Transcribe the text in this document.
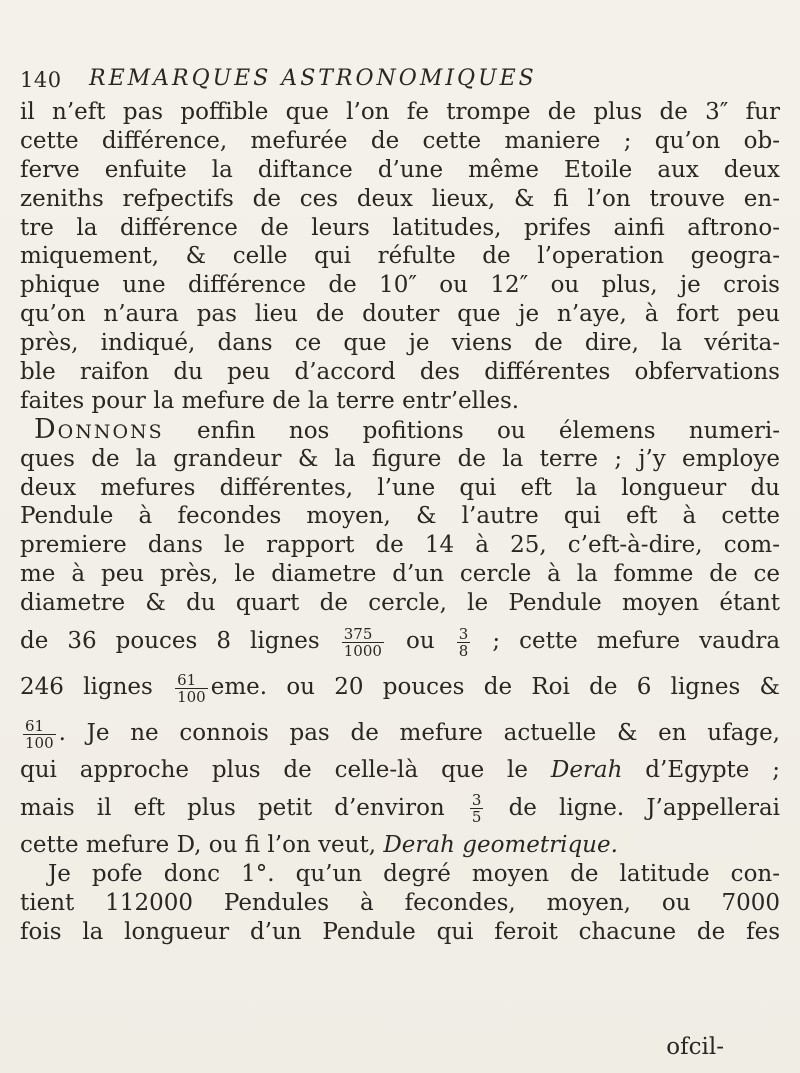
140 REMARQUES ASTRONOMIQUES
il n’eft pas poffible que l’on fe trompe de plus de 3″ fur
cette différence, mefurée de cette maniere ; qu’on ob-
ferve enfuite la diftance d’une même Etoile aux deux
zeniths refpectifs de ces deux lieux, & fi l’on trouve en-
tre la différence de leurs latitudes, prifes ainfi aftrono-
miquement, & celle qui réfulte de l’operation geogra-
phique une différence de 10″ ou 12″ ou plus, je crois
qu’on n’aura pas lieu de douter que je n’aye, à fort peu
près, indiqué, dans ce que je viens de dire, la vérita-
ble raifon du peu d’accord des différentes obfervations
faites pour la mefure de la terre entr’elles.
Donnons enfin nos pofitions ou élemens numeri-
ques de la grandeur & la figure de la terre ; j’y employe
deux mefures différentes, l’une qui eft la longueur du
Pendule à fecondes moyen, & l’autre qui eft à cette
premiere dans le rapport de 14 à 25, c’eft-à-dire, com-
me à peu près, le diametre d’un cercle à la fomme de ce
diametre & du quart de cercle, le Pendule moyen étant
de 36 pouces 8 lignes $\frac{375}{1000}$ ou $\frac{3}{8}$ ; cette mefure vaudra
246 lignes $\frac{61}{100}$ eme. ou 20 pouces de Roi de 6 lignes &
$\frac{61}{100}$ . Je ne connois pas de mefure actuelle & en ufage,
qui approche plus de celle-là que le Derah d’Egypte ;
mais il eft plus petit d’environ $\frac{3}{5}$ de ligne. J’appellerai
cette mefure D, ou fi l’on veut, Derah geometrique.
Je pofe donc 1°. qu’un degré moyen de latitude con-
tient 112000 Pendules à fecondes, moyen, ou 7000
fois la longueur d’un Pendule qui feroit chacune de fes
ofcil-
